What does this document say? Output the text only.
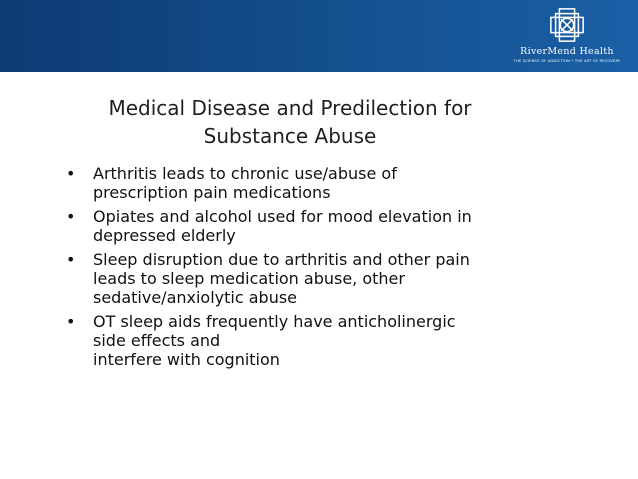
RiverMend Health
THE SCIENCE OF ADDICTION • THE ART OF RECOVERY
Medical Disease and Predilection for
Substance Abuse
• Arthritis leads to chronic use/abuse of
prescription pain medications
• Opiates and alcohol used for mood elevation in
depressed elderly
• Sleep disruption due to arthritis and other pain
leads to sleep medication abuse, other
sedative/anxiolytic abuse
• OT sleep aids frequently have anticholinergic
side effects and
interfere with cognition
